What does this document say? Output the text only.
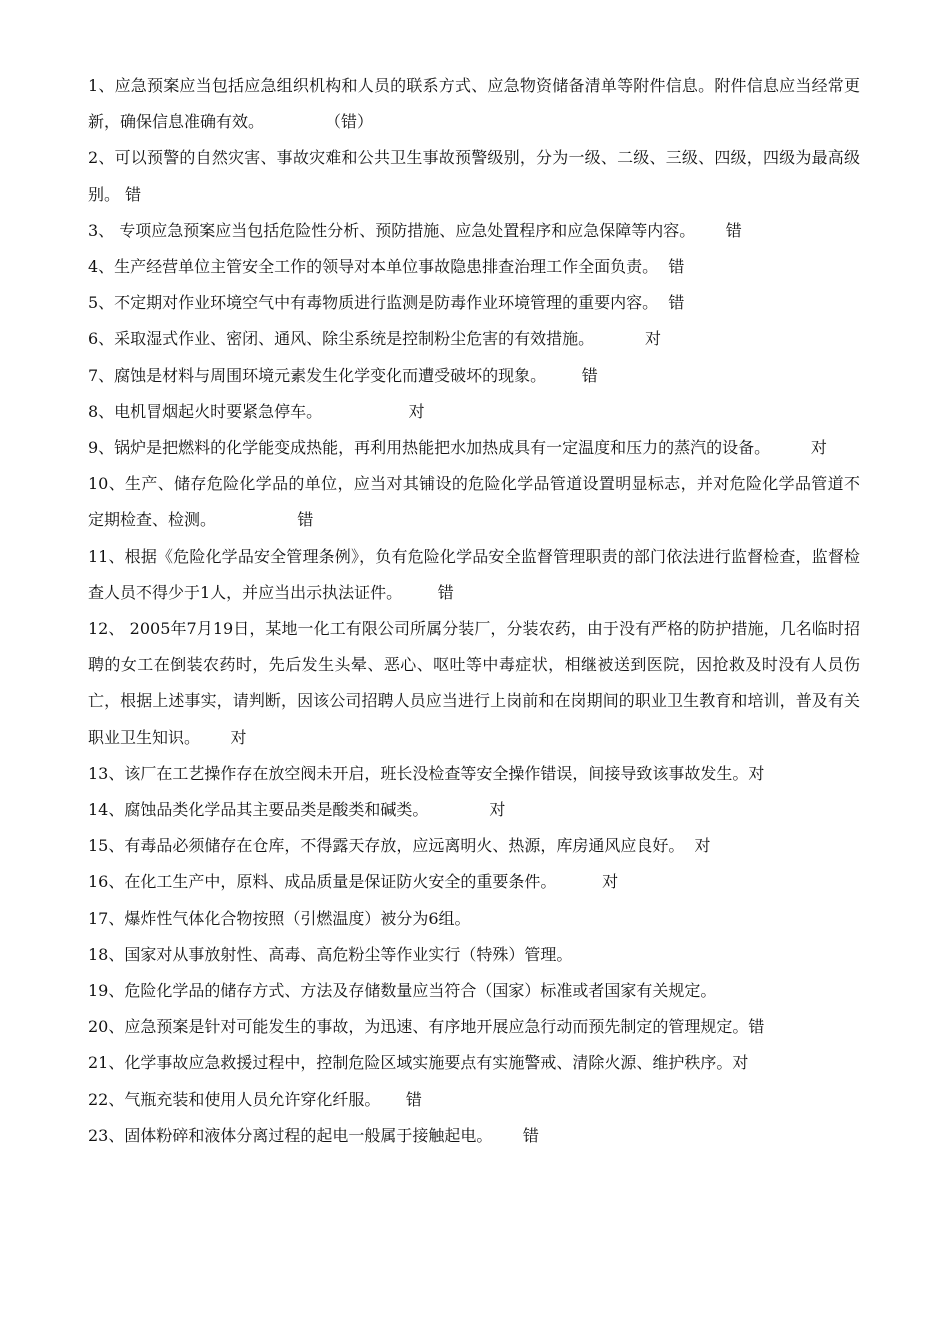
1、应急预案应当包括应急组织机构和人员的联系方式、应急物资储备清单等附件信息。附件信息应当经常更新，确保信息准确有效。	（错）
2、可以预警的自然灾害、事故灾难和公共卫生事故预警级别，分为一级、二级、三级、四级，四级为最高级别。 错
3、 专项应急预案应当包括危险性分析、预防措施、应急处置程序和应急保障等内容。 错
4、生产经营单位主管安全工作的领导对本单位事故隐患排查治理工作全面负责。 错
5、不定期对作业环境空气中有毒物质进行监测是防毒作业环境管理的重要内容。 错
6、采取湿式作业、密闭、通风、除尘系统是控制粉尘危害的有效措施。	对
7、腐蚀是材料与周围环境元素发生化学变化而遭受破坏的现象。 错
8、电机冒烟起火时要紧急停车。	对
9、锅炉是把燃料的化学能变成热能，再利用热能把水加热成具有一定温度和压力的蒸汽的设备。	对
10、生产、储存危险化学品的单位，应当对其铺设的危险化学品管道设置明显标志，并对危险化学品管道不定期检查、检测。	错
11、根据《危险化学品安全管理条例》，负有危险化学品安全监督管理职责的部门依法进行监督检查，监督检查人员不得少于1人，并应当出示执法证件。 错
12、 2005年7月19日，某地一化工有限公司所属分装厂，分装农药，由于没有严格的防护措施，几名临时招聘的女工在倒装农药时，先后发生头晕、恶心、呕吐等中毒症状，相继被送到医院，因抢救及时没有人员伤亡，根据上述事实，请判断，因该公司招聘人员应当进行上岗前和在岗期间的职业卫生教育和培训，普及有关职业卫生知识。 对
13、该厂在工艺操作存在放空阀未开启，班长没检查等安全操作错误，间接导致该事故发生。对
14、腐蚀品类化学品其主要品类是酸类和碱类。	对
15、有毒品必须储存在仓库，不得露天存放，应远离明火、热源，库房通风应良好。 对
16、在化工生产中，原料、成品质量是保证防火安全的重要条件。	对
17、爆炸性气体化合物按照（引燃温度）被分为6组。
18、国家对从事放射性、高毒、高危粉尘等作业实行（特殊）管理。
19、危险化学品的储存方式、方法及存储数量应当符合（国家）标准或者国家有关规定。
20、应急预案是针对可能发生的事故，为迅速、有序地开展应急行动而预先制定的管理规定。错
21、化学事故应急救援过程中，控制危险区域实施要点有实施警戒、清除火源、维护秩序。对
22、气瓶充装和使用人员允许穿化纤服。 错
23、固体粉碎和液体分离过程的起电一般属于接触起电。 错
